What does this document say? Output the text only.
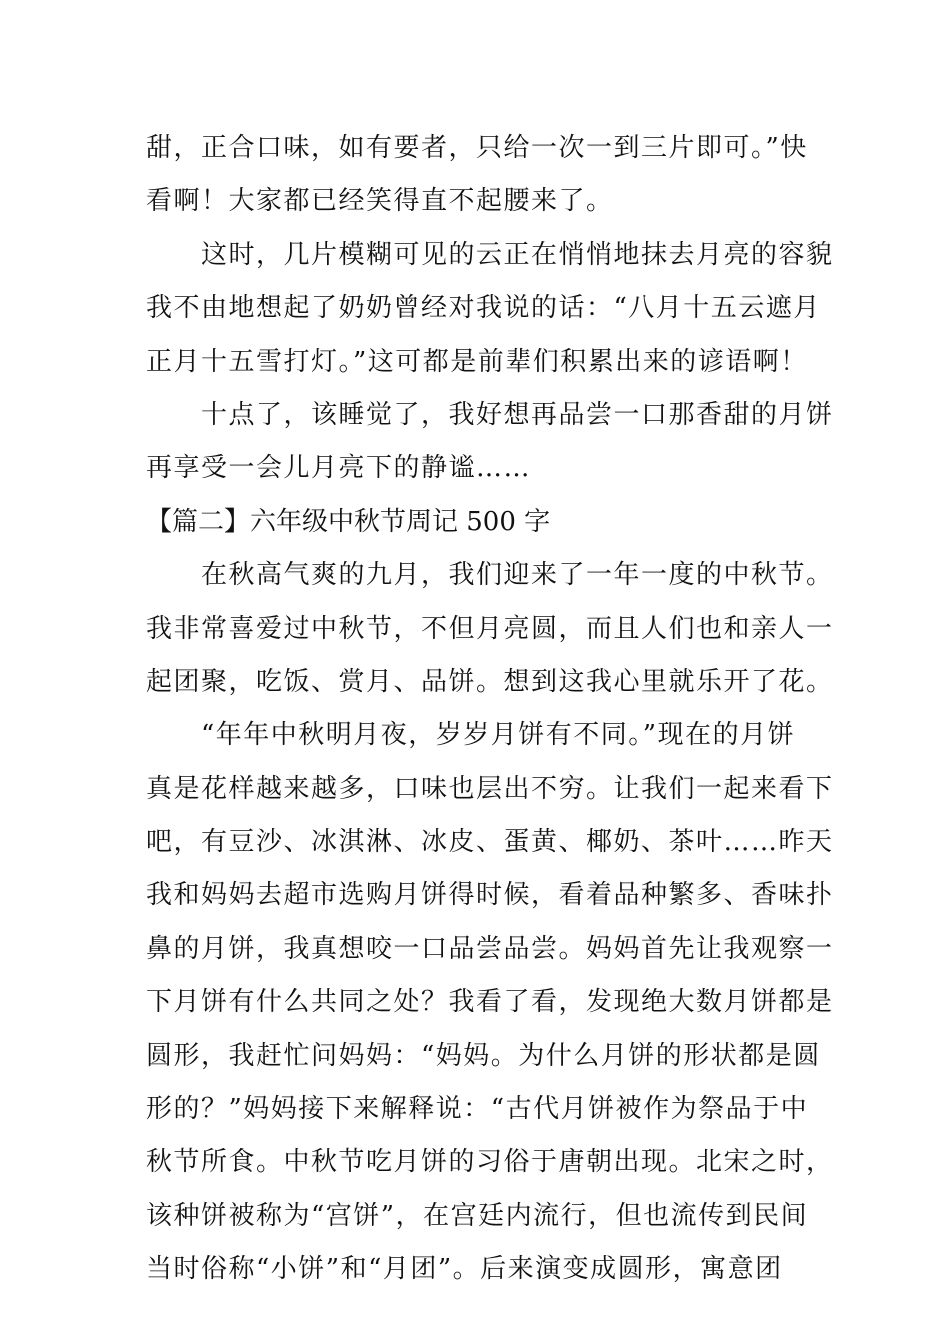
甜，正合口味，如有要者，只给一次一到三片即可。”快
看啊！大家都已经笑得直不起腰来了。
　　这时，几片模糊可见的云正在悄悄地抹去月亮的容貌
我不由地想起了奶奶曾经对我说的话：“八月十五云遮月
正月十五雪打灯。”这可都是前辈们积累出来的谚语啊！
　　十点了，该睡觉了，我好想再品尝一口那香甜的月饼
再享受一会儿月亮下的静谧……
【篇二】六年级中秋节周记 500 字
　　在秋高气爽的九月，我们迎来了一年一度的中秋节。
我非常喜爱过中秋节，不但月亮圆，而且人们也和亲人一
起团聚，吃饭、赏月、品饼。想到这我心里就乐开了花。
　　“年年中秋明月夜，岁岁月饼有不同。”现在的月饼
真是花样越来越多，口味也层出不穷。让我们一起来看下
吧，有豆沙、冰淇淋、冰皮、蛋黄、椰奶、茶叶……昨天
我和妈妈去超市选购月饼得时候，看着品种繁多、香味扑
鼻的月饼，我真想咬一口品尝品尝。妈妈首先让我观察一
下月饼有什么共同之处？我看了看，发现绝大数月饼都是
圆形，我赶忙问妈妈：“妈妈。为什么月饼的形状都是圆
形的？”妈妈接下来解释说：“古代月饼被作为祭品于中
秋节所食。中秋节吃月饼的习俗于唐朝出现。北宋之时，
该种饼被称为“宫饼”，在宫廷内流行，但也流传到民间
当时俗称“小饼”和“月团”。后来演变成圆形，寓意团
